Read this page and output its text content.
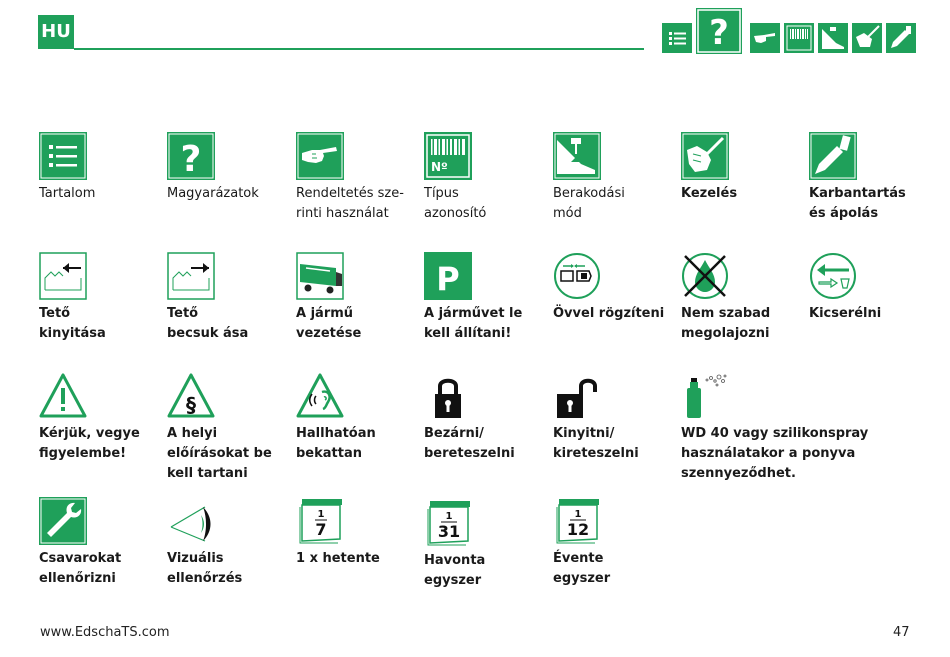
HU	?
Tartalom
?
Magyarázatok	Rendeltetés sze-
rinti használat
Nº
Típus
azonosító
Berakodási
mód
Kezelés	Karbantartás
és ápolás
Tető
kinyitása
Tető
becsuk ása
A jármű
vezetése
P
A járművet le
kell állítani!
Övvel rögzíteni	Nem szabad
megolajozni
Kicserélni
Kérjük, vegye
figyelembe!
§
A helyi
előírásokat be
kell tartani
Hallhatóan
bekattan
Bezárni/
bereteszelni
Kinyitni/
kireteszelni
WD 40 vagy szilikonspray
használatakor a ponyva
szennyeződhet.
Csavarokat
ellenőrizni
Vizuális
ellenőrzés
1
7
1 x hetente
1
31
Havonta
egyszer
1
12
Évente
egyszer
www.EdschaTS.com	47
